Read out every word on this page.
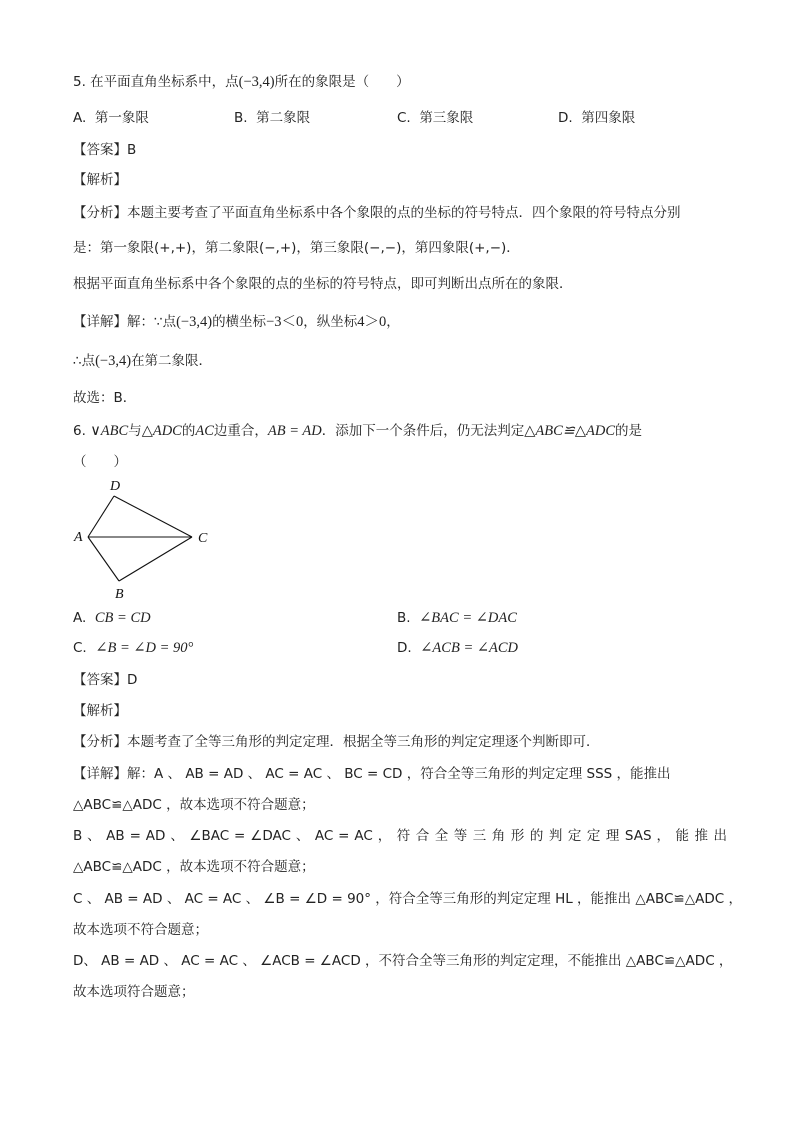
5. 在平面直角坐标系中，点(−3,4)所在的象限是（　　）
A. 第一象限	B. 第二象限	C. 第三象限	D. 第四象限
【答案】B
【解析】
【分析】本题主要考查了平面直角坐标系中各个象限的点的坐标的符号特点．四个象限的符号特点分别
是：第一象限(+,+)，第二象限(−,+)，第三象限(−,−)，第四象限(+,−)．
根据平面直角坐标系中各个象限的点的坐标的符号特点，即可判断出点所在的象限．
【详解】解：∵点(−3,4)的横坐标−3＜0，纵坐标4＞0，
∴点(−3,4)在第二象限．
故选：B．
6. ∨ABC与△ADC的AC边重合，AB = AD．添加下一个条件后，仍无法判定△ABC≌△ADC的是
（　　）
D
A	C
B
A. CB = CD	B. ∠BAC = ∠DAC
C. ∠B = ∠D = 90°	D. ∠ACB = ∠ACD
【答案】D
【解析】
【分析】本题考查了全等三角形的判定定理．根据全等三角形的判定定理逐个判断即可．
【详解】解：A 、 AB = AD 、 AC = AC 、 BC = CD ，符合全等三角形的判定定理 SSS ，能推出
△ABC≌△ADC ，故本选项不符合题意；
B 、 AB = AD 、 ∠BAC = ∠DAC 、 AC = AC ， 符 合 全 等 三 角 形 的 判 定 定 理 SAS ， 能 推 出
△ABC≌△ADC ，故本选项不符合题意；
C 、 AB = AD 、 AC = AC 、 ∠B = ∠D = 90° ，符合全等三角形的判定定理 HL ，能推出 △ABC≌△ADC ，
故本选项不符合题意；
D、 AB = AD 、 AC = AC 、 ∠ACB = ∠ACD ，不符合全等三角形的判定定理，不能推出 △ABC≌△ADC ，
故本选项符合题意；
